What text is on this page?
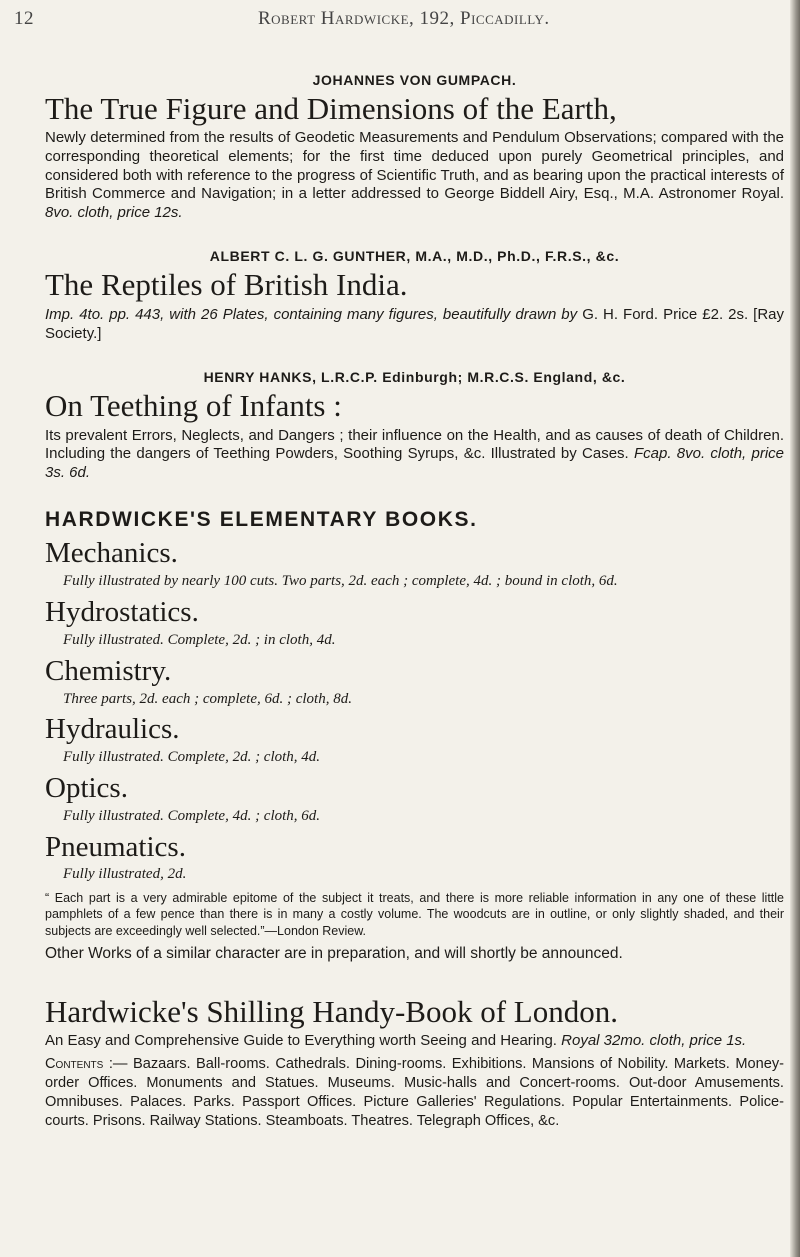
12	Robert Hardwicke, 192, Piccadilly.
JOHANNES VON GUMPACH.
The True Figure and Dimensions of the Earth,
Newly determined from the results of Geodetic Measurements and Pendulum Observations; compared with the corresponding theoretical elements; for the first time deduced upon purely Geometrical principles, and considered both with reference to the progress of Scientific Truth, and as bearing upon the practical interests of British Commerce and Navigation; in a letter addressed to George Biddell Airy, Esq., M.A. Astronomer Royal. 8vo. cloth, price 12s.
ALBERT C. L. G. GUNTHER, M.A., M.D., Ph.D., F.R.S., &c.
The Reptiles of British India.
Imp. 4to. pp. 443, with 26 Plates, containing many figures, beautifully drawn by G. H. Ford. Price £2. 2s. [Ray Society.]
HENRY HANKS, L.R.C.P. Edinburgh; M.R.C.S. England, &c.
On Teething of Infants :
Its prevalent Errors, Neglects, and Dangers ; their influence on the Health, and as causes of death of Children. Including the dangers of Teething Powders, Soothing Syrups, &c. Illustrated by Cases. Fcap. 8vo. cloth, price 3s. 6d.
HARDWICKE'S ELEMENTARY BOOKS.
Mechanics.
Fully illustrated by nearly 100 cuts. Two parts, 2d. each ; complete, 4d. ; bound in cloth, 6d.
Hydrostatics.
Fully illustrated. Complete, 2d. ; in cloth, 4d.
Chemistry.
Three parts, 2d. each ; complete, 6d. ; cloth, 8d.
Hydraulics.
Fully illustrated. Complete, 2d. ; cloth, 4d.
Optics.
Fully illustrated. Complete, 4d. ; cloth, 6d.
Pneumatics.
Fully illustrated, 2d.
“ Each part is a very admirable epitome of the subject it treats, and there is more reliable information in any one of these little pamphlets of a few pence than there is in many a costly volume. The woodcuts are in outline, or only slightly shaded, and their subjects are exceedingly well selected.”—London Review.
Other Works of a similar character are in preparation, and will shortly be announced.
Hardwicke's Shilling Handy-Book of London.
An Easy and Comprehensive Guide to Everything worth Seeing and Hearing. Royal 32mo. cloth, price 1s.
Contents :— Bazaars. Ball-rooms. Cathedrals. Dining-rooms. Exhibitions. Mansions of Nobility. Markets. Money-order Offices. Monuments and Statues. Museums. Music-halls and Concert-rooms. Out-door Amusements. Omnibuses. Palaces. Parks. Passport Offices. Picture Galleries' Regulations. Popular Entertainments. Police-courts. Prisons. Railway Stations. Steamboats. Theatres. Telegraph Offices, &c.
